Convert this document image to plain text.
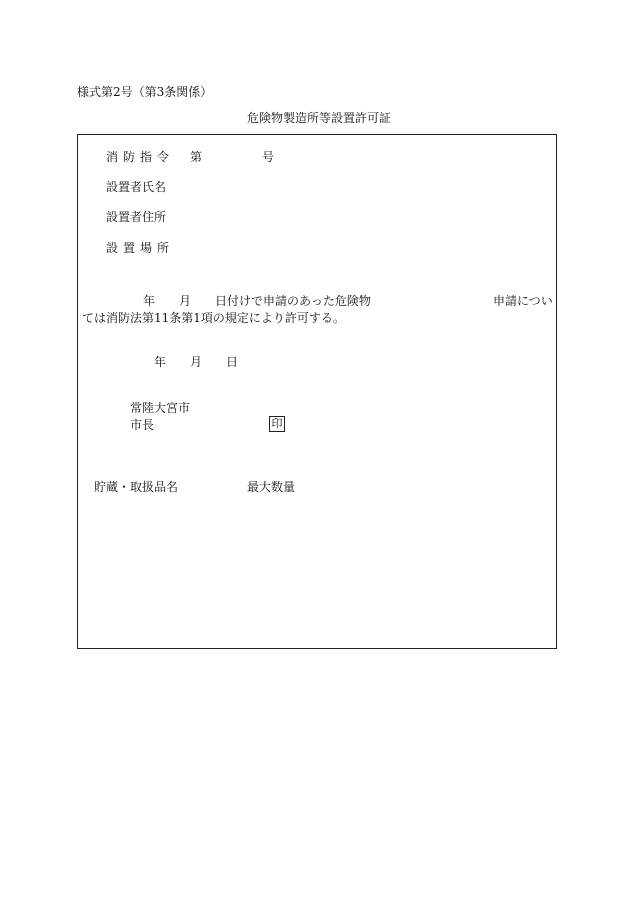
様式第2号（第3条関係）
危険物製造所等設置許可証
消防指令 第	号
設置者氏名
設置者住所
設置場所
年 月 日付けで申請のあった危険物	申請につい
ては消防法第11条第1項の規定により許可する。
年 月 日
常陸大宮市
市長	印
貯蔵・取扱品名	最大数量
